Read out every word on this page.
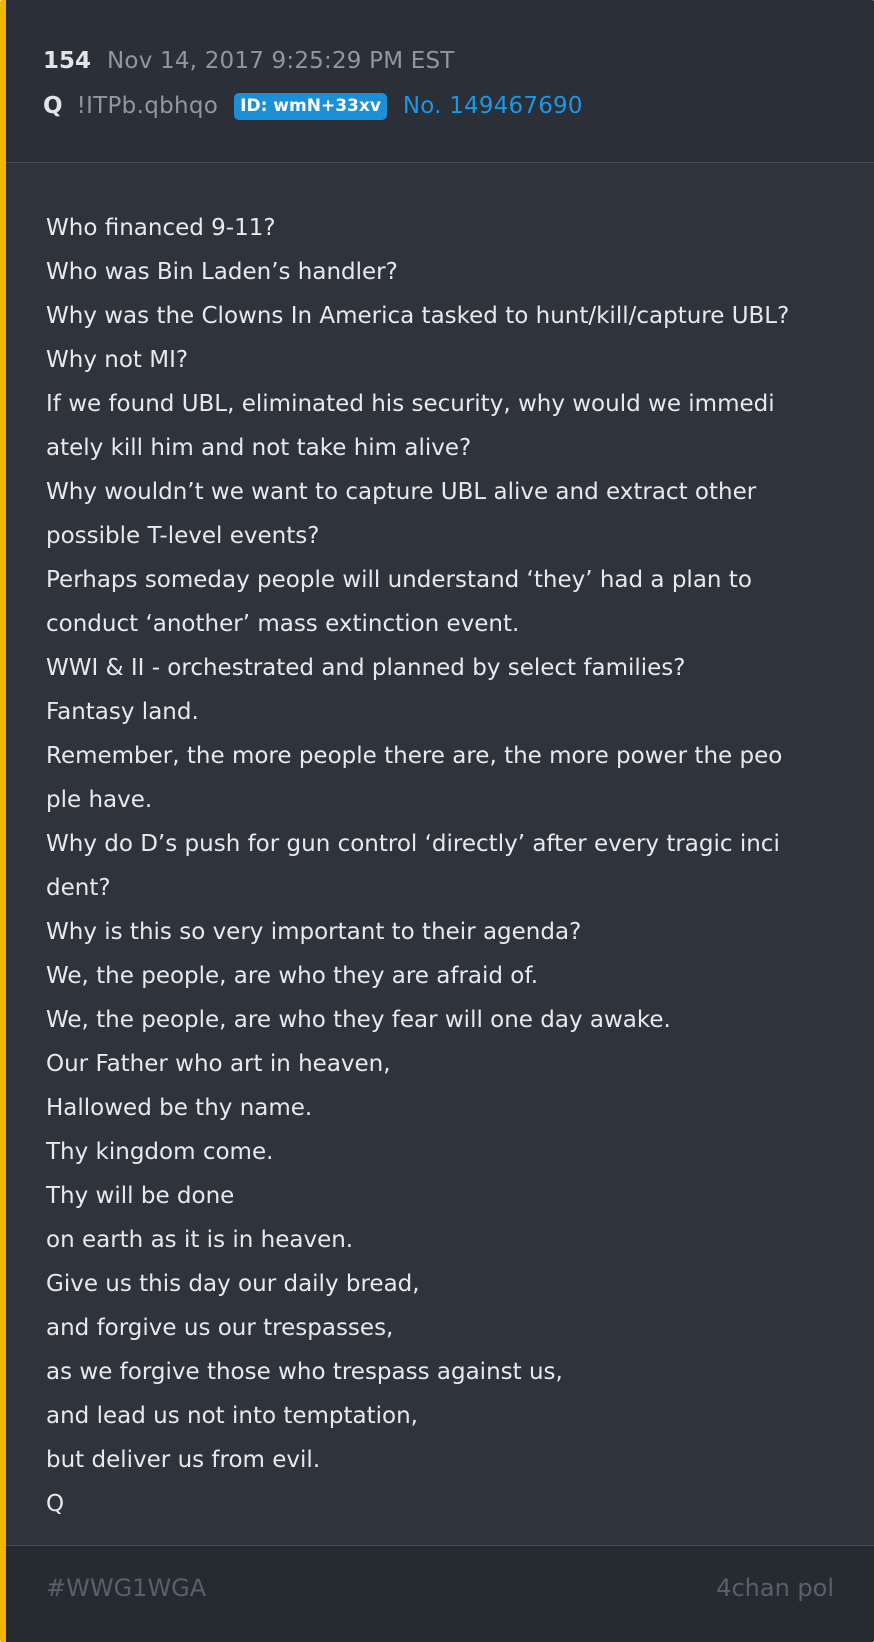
154 Nov 14, 2017 9:25:29 PM EST
Q !ITPb.qbhqo	ID: wmN+33xv No. 149467690
Who financed 9-11?
Who was Bin Laden’s handler?
Why was the Clowns In America tasked to hunt/kill/capture UBL?
Why not MI?
If we found UBL, eliminated his security, why would we immedi
ately kill him and not take him alive?
Why wouldn’t we want to capture UBL alive and extract other
possible T-level events?
Perhaps someday people will understand ‘they’ had a plan to
conduct ‘another’ mass extinction event.
WWI & II - orchestrated and planned by select families?
Fantasy land.
Remember, the more people there are, the more power the peo
ple have.
Why do D’s push for gun control ‘directly’ after every tragic inci
dent?
Why is this so very important to their agenda?
We, the people, are who they are afraid of.
We, the people, are who they fear will one day awake.
Our Father who art in heaven,
Hallowed be thy name.
Thy kingdom come.
Thy will be done
on earth as it is in heaven.
Give us this day our daily bread,
and forgive us our trespasses,
as we forgive those who trespass against us,
and lead us not into temptation,
but deliver us from evil.
Q
#WWG1WGA	4chan pol
